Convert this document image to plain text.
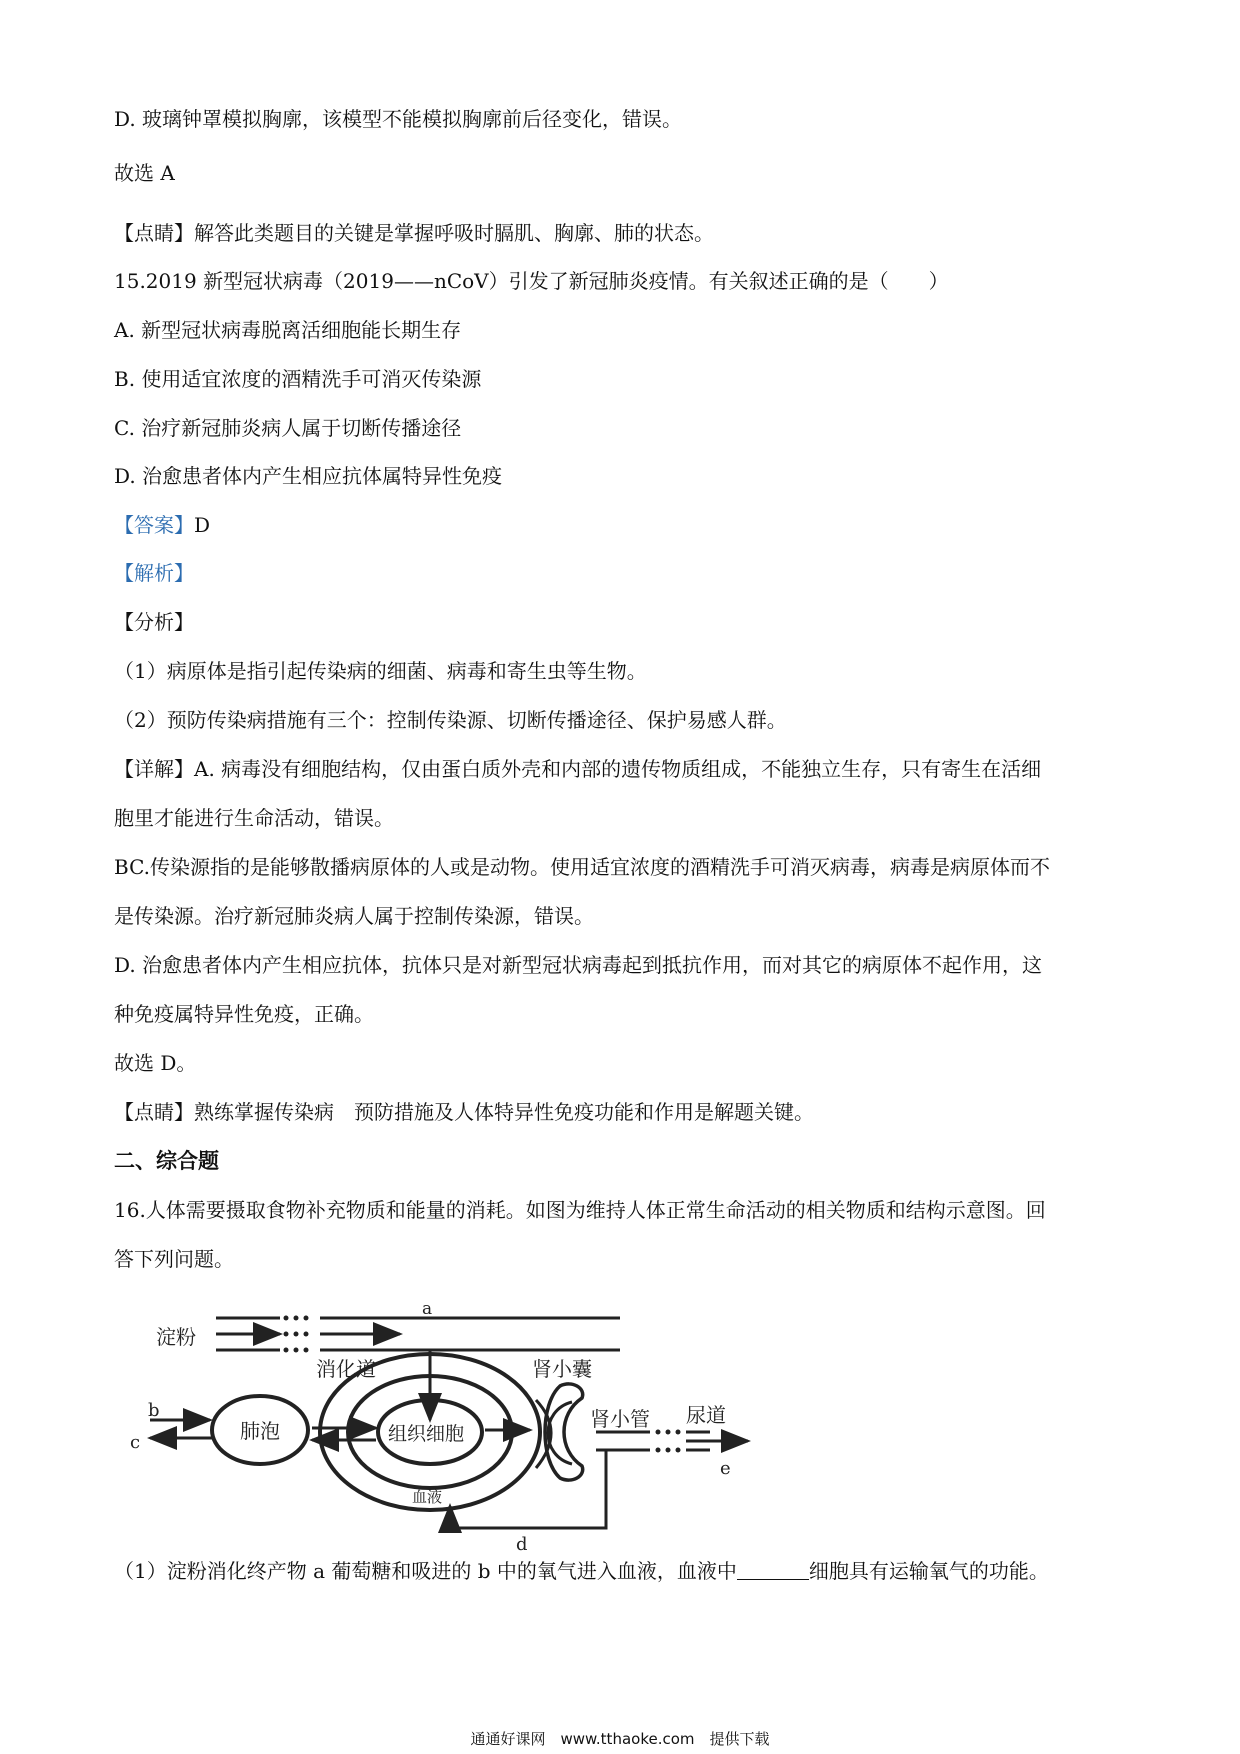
D. 玻璃钟罩模拟胸廓，该模型不能模拟胸廓前后径变化，错误。
故选 A
【点睛】解答此类题目的关键是掌握呼吸时膈肌、胸廓、肺的状态。
15.2019 新型冠状病毒（2019——nCoV）引发了新冠肺炎疫情。有关叙述正确的是（　　）
A. 新型冠状病毒脱离活细胞能长期生存
B. 使用适宜浓度的酒精洗手可消灭传染源
C. 治疗新冠肺炎病人属于切断传播途径
D. 治愈患者体内产生相应抗体属特异性免疫
【答案】D
【解析】
【分析】
（1）病原体是指引起传染病的细菌、病毒和寄生虫等生物。
（2）预防传染病措施有三个：控制传染源、切断传播途径、保护易感人群。
【详解】A. 病毒没有细胞结构，仅由蛋白质外壳和内部的遗传物质组成，不能独立生存，只有寄生在活细
胞里才能进行生命活动，错误。
BC.传染源指的是能够散播病原体的人或是动物。使用适宜浓度的酒精洗手可消灭病毒，病毒是病原体而不
是传染源。治疗新冠肺炎病人属于控制传染源，错误。
D. 治愈患者体内产生相应抗体，抗体只是对新型冠状病毒起到抵抗作用，而对其它的病原体不起作用，这
种免疫属特异性免疫，正确。
故选 D。
【点睛】熟练掌握传染病　预防措施及人体特异性免疫功能和作用是解题关键。
二、综合题
16.人体需要摄取食物补充物质和能量的消耗。如图为维持人体正常生命活动的相关物质和结构示意图。回
答下列问题。
淀粉
a
消化道	肾小囊
b
c	肺泡	组织细胞
肾小管 尿道
e
血液
d
（1）淀粉消化终产物 a 葡萄糖和吸进的 b 中的氧气进入血液，血液中	细胞具有运输氧气的功能。
通通好课网　www.tthaoke.com　提供下载
